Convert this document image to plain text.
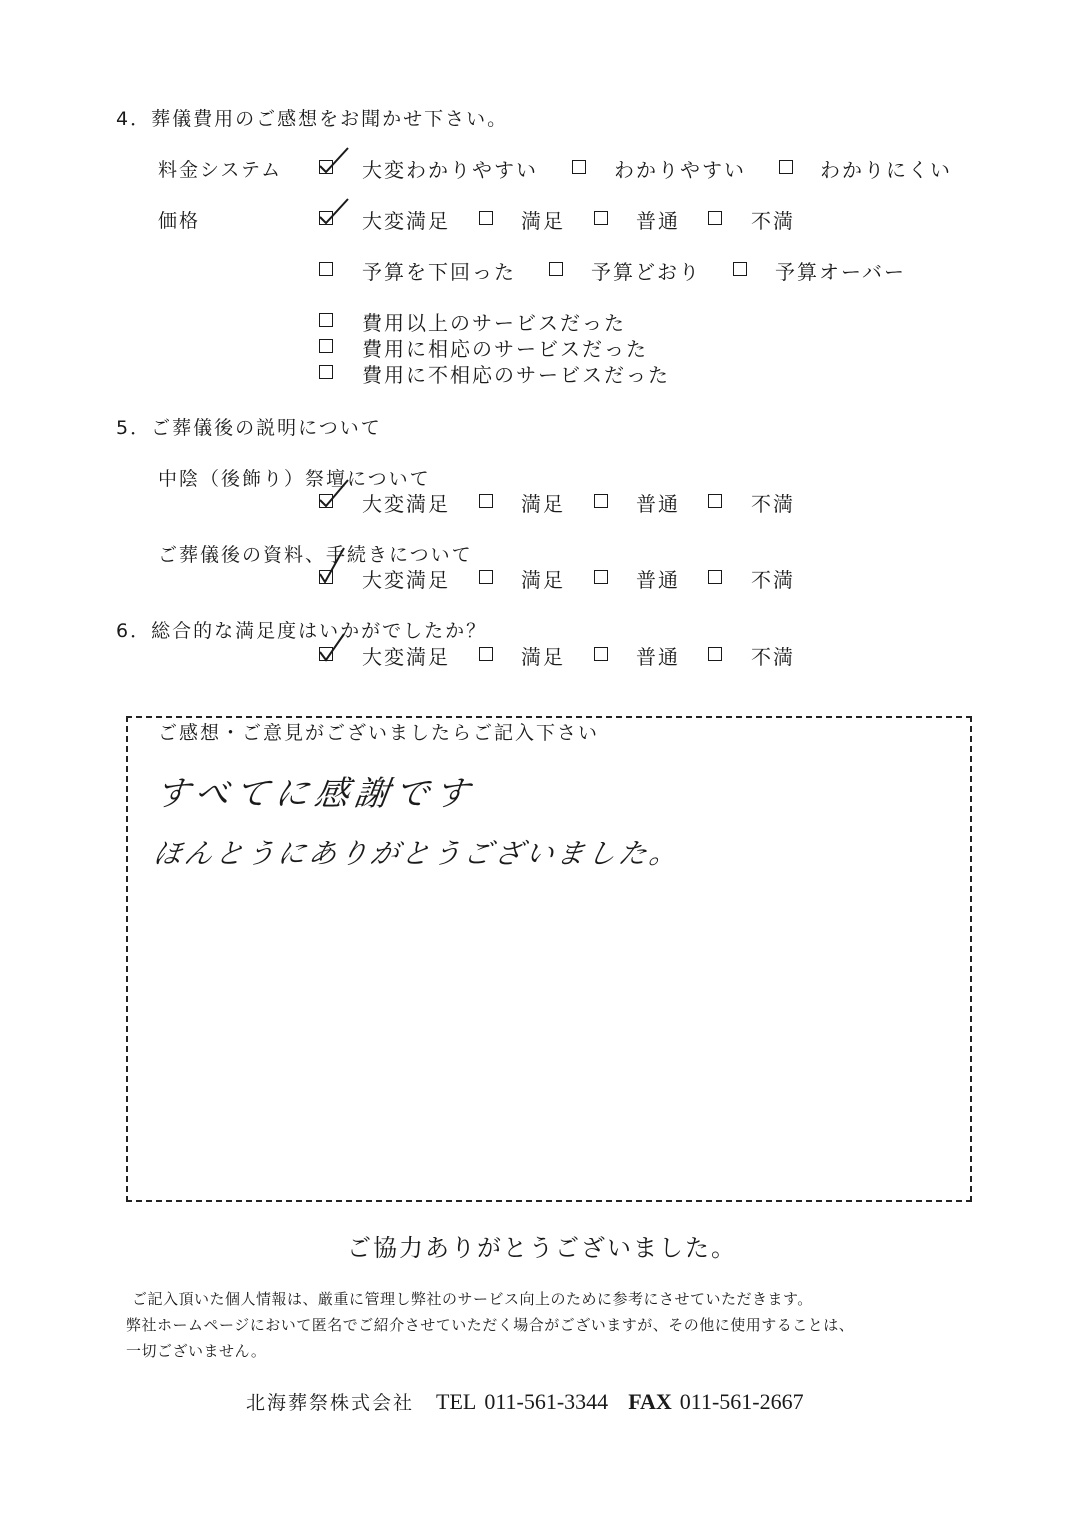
4．葬儀費用のご感想をお聞かせ下さい。
料金システム	大変わかりやすい	わかりやすい	わかりにくい
価格	大変満足	満足	普通	不満
予算を下回った	予算どおり	予算オーバー
費用以上のサービスだった
費用に相応のサービスだった
費用に不相応のサービスだった
5．ご葬儀後の説明について
中陰（後飾り）祭壇について
大変満足	満足	普通	不満
ご葬儀後の資料、手続きについて
大変満足	満足	普通	不満
6．総合的な満足度はいかがでしたか？
大変満足	満足	普通	不満
ご感想・ご意見がございましたらご記入下さい
すべてに感謝です
ほんとうにありがとうございました。
ご協力ありがとうございました。
ご記入頂いた個人情報は、厳重に管理し弊社のサービス向上のために参考にさせていただきます。
弊社ホームページにおいて匿名でご紹介させていただく場合がございますが、その他に使用することは、
一切ございません。
北海葬祭株式会社 TEL 011-561-3344 FAX 011-561-2667
